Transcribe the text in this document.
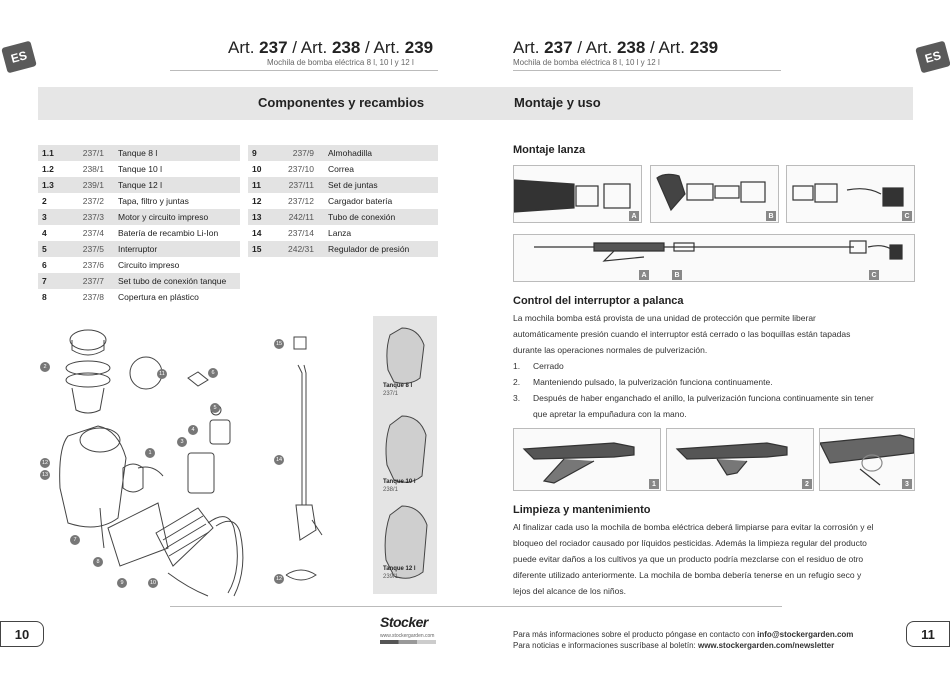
ES	ES
Art. 237 / Art. 238 / Art. 239
Mochila de bomba eléctrica 8 l, 10 l y 12 l
Art. 237 / Art. 238 / Art. 239
Mochila de bomba eléctrica 8 l, 10 l y 12 l
Componentes y recambios	Montaje y uso
1.1	237/1	Tanque 8 l
1.2	238/1	Tanque 10 l
1.3	239/1	Tanque 12 l
2	237/2	Tapa, filtro y juntas
3	237/3	Motor y circuito impreso
4	237/4	Batería de recambio Li-Ion
5	237/5	Interruptor
6	237/6	Circuito impreso
7	237/7	Set tubo de conexión tanque
8	237/8	Copertura en plástico
9	237/9	Almohadilla
10	237/10	Correa
11	237/11	Set de juntas
12	237/12	Cargador batería
13	242/11	Tubo de conexión
14	237/14	Lanza
15	242/31	Regulador de presión
2
11	6
5
4
3
1
12
13
7
8
9	10
15
14
12
Tanque 8 l
237/1
Tanque 10 l
238/1
Tanque 12 l
239/1
Montaje lanza
A	B	C
A	B	C
Control del interruptor a palanca
La mochila bomba está provista de una unidad de protección que permite liberar
automáticamente presión cuando el interruptor está cerrado o las boquillas están tapadas
durante las operaciones normales de pulverización.
1. Cerrado
2. Manteniendo pulsado, la pulverización funciona continuamente.
3. Después de haber enganchado el anillo, la pulverización funciona continuamente sin tener
que apretar la empuñadura con la mano.
1	2	3
Limpieza y mantenimiento
Al finalizar cada uso la mochila de bomba eléctrica deberá limpiarse para evitar la corrosión y el
bloqueo del rociador causado por líquidos pesticidas. Además la limpieza regular del producto
puede evitar daños a los cultivos ya que un producto podría mezclarse con el residuo de otro
diferente utilizado anteriormente. La mochila de bomba debería tenerse en un refugio seco y
lejos del alcance de los niños.
10	11
Stocker
www.stockergarden.com	Para más informaciones sobre el producto póngase en contacto con info@stockergarden.com
Para noticias e informaciones suscríbase al boletín: www.stockergarden.com/newsletter
